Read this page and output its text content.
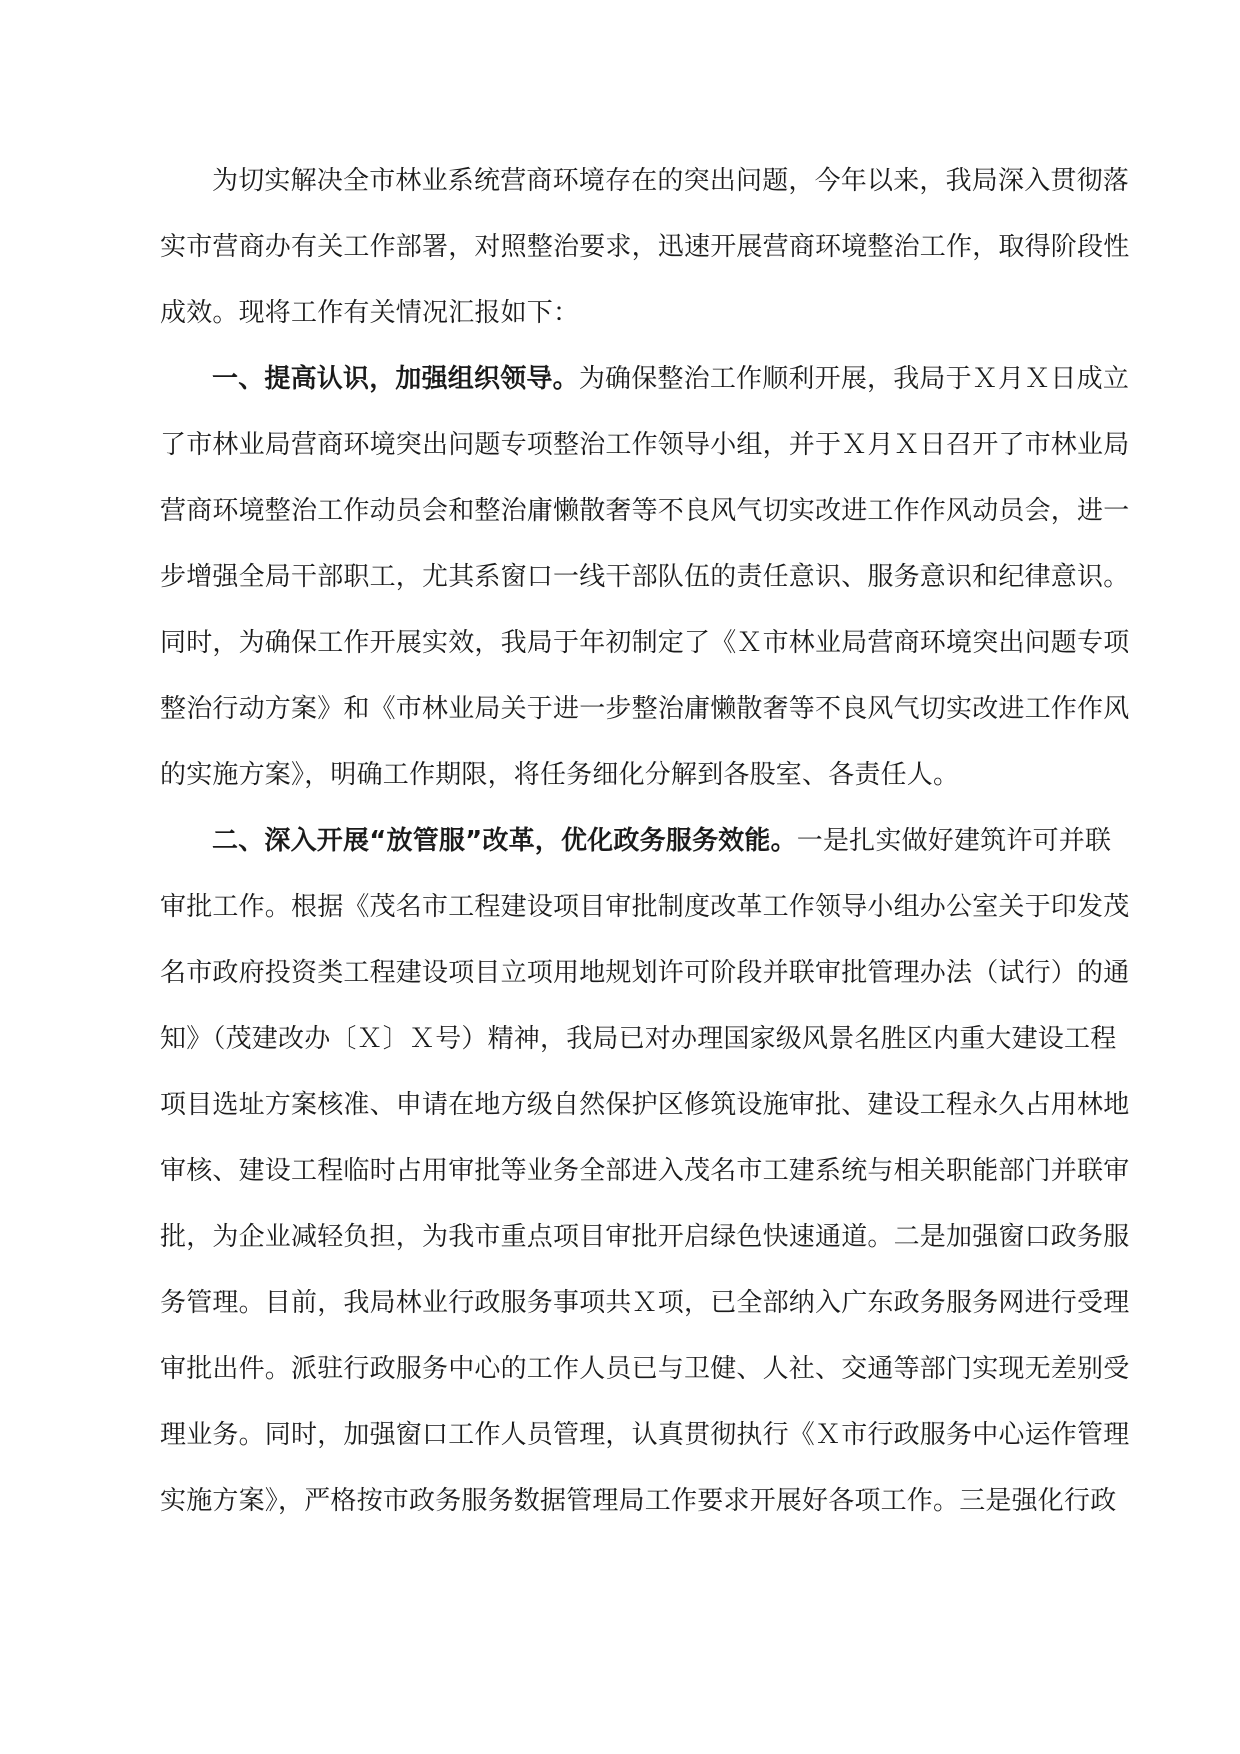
为切实解决全市林业系统营商环境存在的突出问题，今年以来，我局深入贯彻落
实市营商办有关工作部署，对照整治要求，迅速开展营商环境整治工作，取得阶段性
成效。现将工作有关情况汇报如下：
一、提高认识，加强组织领导。为确保整治工作顺利开展，我局于Ｘ月Ｘ日成立
了市林业局营商环境突出问题专项整治工作领导小组，并于Ｘ月Ｘ日召开了市林业局
营商环境整治工作动员会和整治庸懒散奢等不良风气切实改进工作作风动员会，进一
步增强全局干部职工，尤其系窗口一线干部队伍的责任意识、服务意识和纪律意识。
同时，为确保工作开展实效，我局于年初制定了《Ｘ市林业局营商环境突出问题专项
整治行动方案》和《市林业局关于进一步整治庸懒散奢等不良风气切实改进工作作风
的实施方案》，明确工作期限，将任务细化分解到各股室、各责任人。
二、深入开展“放管服”改革，优化政务服务效能。一是扎实做好建筑许可并联
审批工作。根据《茂名市工程建设项目审批制度改革工作领导小组办公室关于印发茂
名市政府投资类工程建设项目立项用地规划许可阶段并联审批管理办法（试行）的通
知》（茂建改办〔Ｘ〕Ｘ号）精神，我局已对办理国家级风景名胜区内重大建设工程
项目选址方案核准、申请在地方级自然保护区修筑设施审批、建设工程永久占用林地
审核、建设工程临时占用审批等业务全部进入茂名市工建系统与相关职能部门并联审
批，为企业减轻负担，为我市重点项目审批开启绿色快速通道。二是加强窗口政务服
务管理。目前，我局林业行政服务事项共Ｘ项，已全部纳入广东政务服务网进行受理
审批出件。派驻行政服务中心的工作人员已与卫健、人社、交通等部门实现无差别受
理业务。同时，加强窗口工作人员管理，认真贯彻执行《Ｘ市行政服务中心运作管理
实施方案》，严格按市政务服务数据管理局工作要求开展好各项工作。三是强化行政
